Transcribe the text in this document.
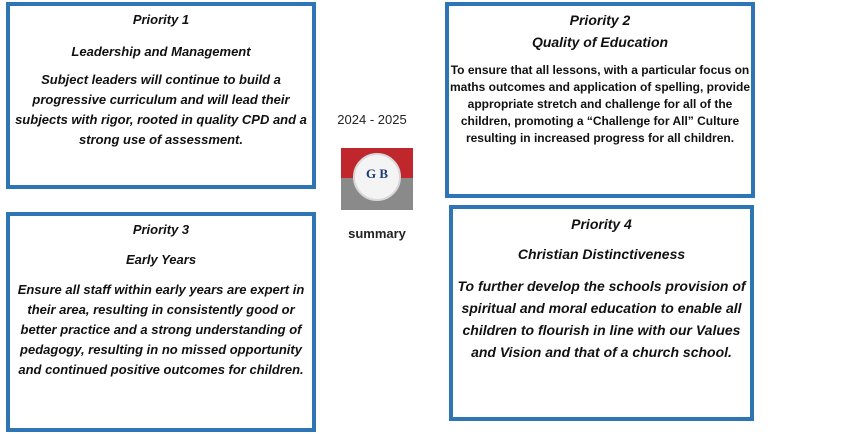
Priority 1
Leadership and Management
Subject leaders will continue to build a progressive curriculum and will lead their subjects with rigor, rooted in quality CPD and a strong use of assessment.
Priority 2
Quality of Education
To ensure that all lessons, with a particular focus on maths outcomes and application of spelling, provide appropriate stretch and challenge for all of the children, promoting a “Challenge for All” Culture resulting in increased progress for all children.
Priority 3
Early Years
Ensure all staff within early years are expert in their area, resulting in consistently good or better practice and a strong understanding of pedagogy, resulting in no missed opportunity and continued positive outcomes for children.
Priority 4
Christian Distinctiveness
To further develop the schools provision of spiritual and moral education to enable all children to flourish in line with our Values and Vision and that of a church school.
2024 - 2025
G B
summary
